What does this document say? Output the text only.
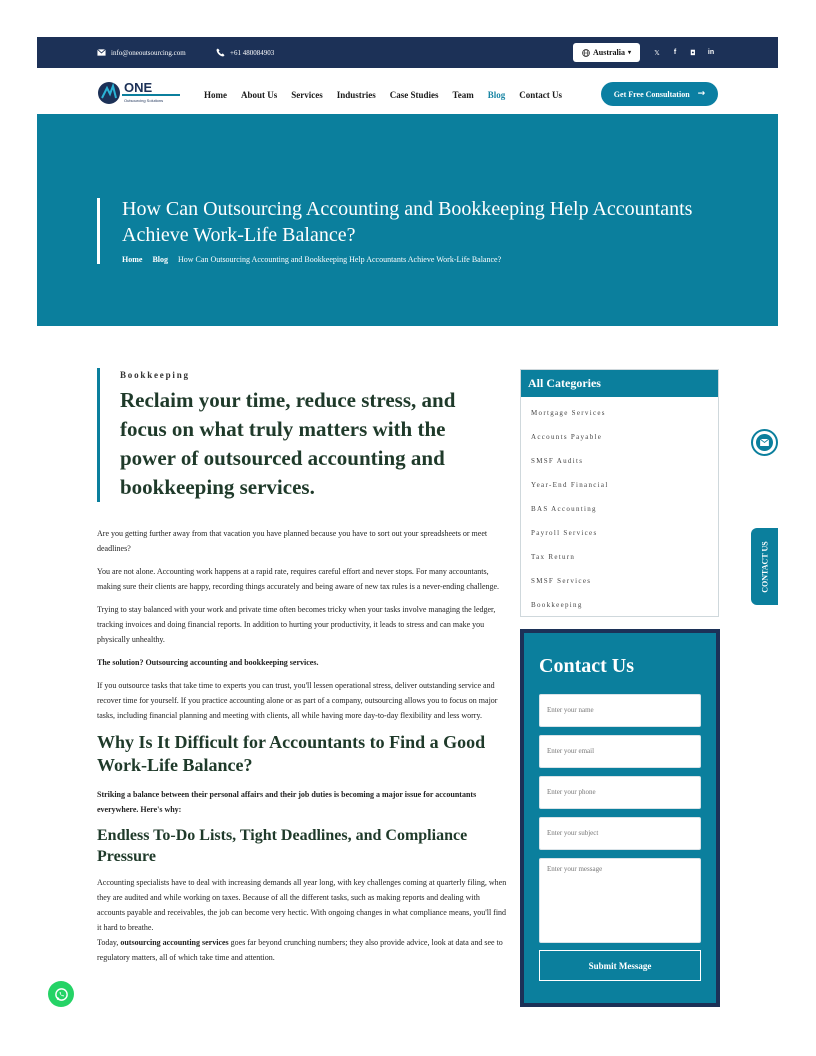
info@oneoutsourcing.com	+61 480084903	Australia ▾	𝕏	f	◘ in
ONE
Outsourcing Solutions
Home About Us Services Industries Case Studies Team Blog Contact Us	Get Free Consultation →
How Can Outsourcing Accounting and Bookkeeping Help Accountants Achieve Work-Life Balance?
Home Blog How Can Outsourcing Accounting and Bookkeeping Help Accountants Achieve Work-Life Balance?
Bookkeeping
Reclaim your time, reduce stress, and focus on what truly matters with the power of outsourced accounting and bookkeeping services.

Are you getting further away from that vacation you have planned because you have to sort out your spreadsheets or meet deadlines?

You are not alone. Accounting work happens at a rapid rate, requires careful effort and never stops. For many accountants, making sure their clients are happy, recording things accurately and being aware of new tax rules is a never-ending challenge.

Trying to stay balanced with your work and private time often becomes tricky when your tasks involve managing the ledger, tracking invoices and doing financial reports. In addition to hurting your productivity, it leads to stress and can make you physically unhealthy.

The solution? Outsourcing accounting and bookkeeping services.

If you outsource tasks that take time to experts you can trust, you'll lessen operational stress, deliver outstanding service and recover time for yourself. If you practice accounting alone or as part of a company, outsourcing allows you to focus on major tasks, including financial planning and meeting with clients, all while having more day-to-day flexibility and less worry.

Why Is It Difficult for Accountants to Find a Good Work-Life Balance?

Striking a balance between their personal affairs and their job duties is becoming a major issue for accountants everywhere. Here's why:

Endless To-Do Lists, Tight Deadlines, and Compliance Pressure

Accounting specialists have to deal with increasing demands all year long, with key challenges coming at quarterly filing, when they are audited and while working on taxes. Because of all the different tasks, such as making reports and dealing with accounts payable and receivables, the job can become very hectic. With ongoing changes in what compliance means, you'll find it hard to breathe.

Today, outsourcing accounting services goes far beyond crunching numbers; they also provide advice, look at data and see to regulatory matters, all of which take time and attention.

All Categories
Mortgage Services
Accounts Payable
SMSF Audits
Year-End Financial
BAS Accounting
Payroll Services
Tax Return
SMSF Services
Bookkeeping
Contact Us
Enter your name
Enter your email
Enter your phone
Enter your subject
Enter your message
Submit Message
CONTACT US
